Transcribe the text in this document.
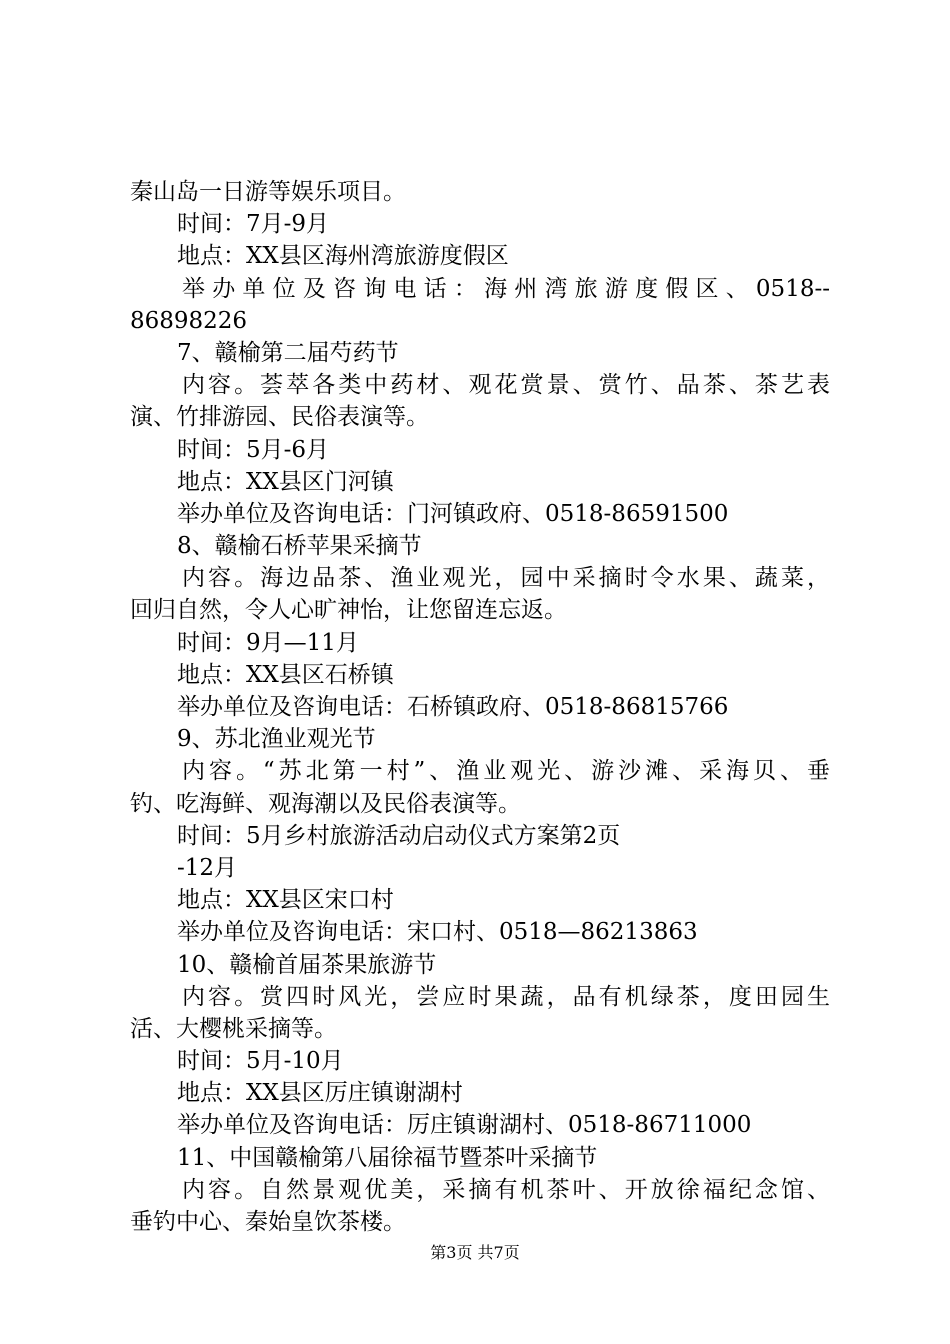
秦山岛一日游等娱乐项目。
时间：7月-9月
地点：XX县区海州湾旅游度假区
举办单位及咨询电话：海州湾旅游度假区、0518--
86898226
7、赣榆第二届芍药节
内容。荟萃各类中药材、观花赏景、赏竹、品茶、茶艺表
演、竹排游园、民俗表演等。
时间：5月-6月
地点：XX县区门河镇
举办单位及咨询电话：门河镇政府、0518-86591500
8、赣榆石桥苹果采摘节
内容。海边品茶、渔业观光，园中采摘时令水果、蔬菜，
回归自然，令人心旷神怡，让您留连忘返。
时间：9月—11月
地点：XX县区石桥镇
举办单位及咨询电话：石桥镇政府、0518-86815766
9、苏北渔业观光节
内容。“苏北第一村”、渔业观光、游沙滩、采海贝、垂
钓、吃海鲜、观海潮以及民俗表演等。
时间：5月乡村旅游活动启动仪式方案第2页
-12月
地点：XX县区宋口村
举办单位及咨询电话：宋口村、0518—86213863
10、赣榆首届茶果旅游节
内容。赏四时风光，尝应时果蔬，品有机绿茶，度田园生
活、大樱桃采摘等。
时间：5月-10月
地点：XX县区厉庄镇谢湖村
举办单位及咨询电话：厉庄镇谢湖村、0518-86711000
11、中国赣榆第八届徐福节暨茶叶采摘节
内容。自然景观优美，采摘有机茶叶、开放徐福纪念馆、
垂钓中心、秦始皇饮茶楼。
第3页 共7页
